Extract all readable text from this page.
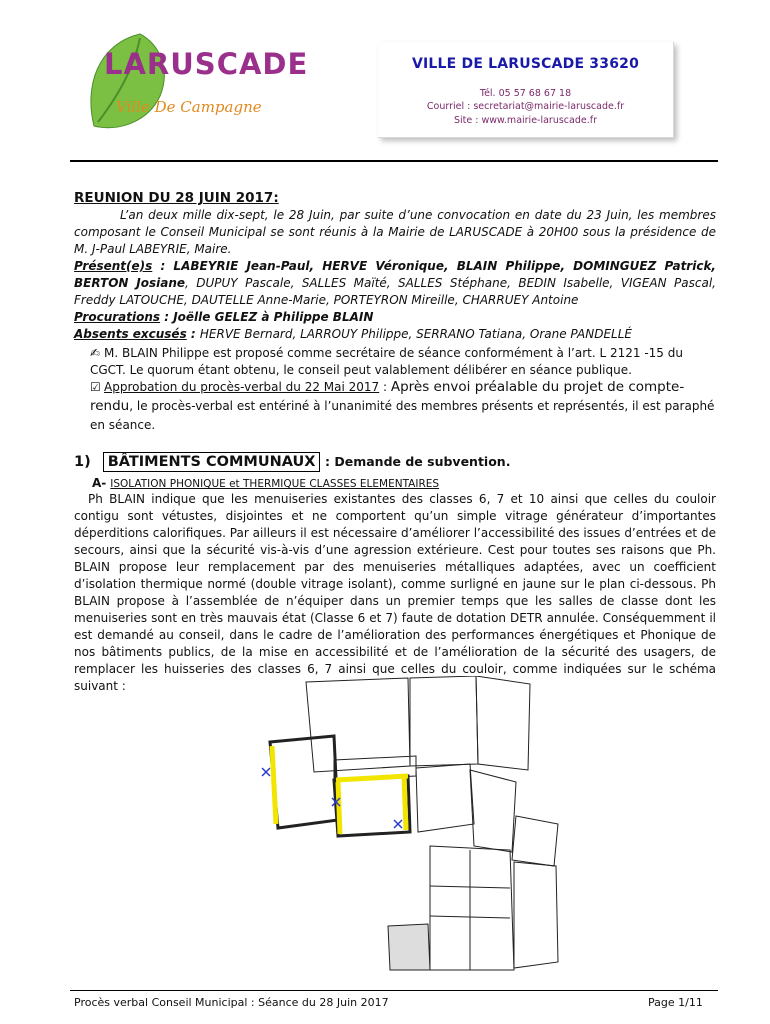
LARUSCADE
Ville De Campagne
VILLE DE LARUSCADE 33620
Tél. 05 57 68 67 18
Courriel : secretariat@mairie-laruscade.fr
Site : www.mairie-laruscade.fr
REUNION DU 28 JUIN 2017:
L’an deux mille dix-sept, le 28 Juin, par suite d’une convocation en date du 23 Juin, les membres composant le Conseil Municipal se sont réunis à la Mairie de LARUSCADE à 20H00 sous la présidence de M. J-Paul LABEYRIE, Maire.
Présent(e)s : LABEYRIE Jean-Paul, HERVE Véronique, BLAIN Philippe, DOMINGUEZ Patrick, BERTON Josiane, DUPUY Pascale, SALLES Maïté, SALLES Stéphane, BEDIN Isabelle, VIGEAN Pascal, Freddy LATOUCHE, DAUTELLE Anne-Marie, PORTEYRON Mireille, CHARRUEY Antoine
Procurations : Joëlle GELEZ à Philippe BLAIN
Absents excusés : HERVE Bernard, LARROUY Philippe, SERRANO Tatiana, Orane PANDELLÉ
✍ M. BLAIN Philippe est proposé comme secrétaire de séance conformément à l’art. L 2121 -15 du CGCT. Le quorum étant obtenu, le conseil peut valablement délibérer en séance publique.
☑ Approbation du procès-verbal du 22 Mai 2017 : Après envoi préalable du projet de compte-rendu, le procès-verbal est entériné à l’unanimité des membres présents et représentés, il est paraphé en séance.
1) BÂTIMENTS COMMUNAUX : Demande de subvention.
A- ISOLATION PHONIQUE et THERMIQUE CLASSES ELEMENTAIRES
Ph BLAIN indique que les menuiseries existantes des classes 6, 7 et 10 ainsi que celles du couloir contigu sont vétustes, disjointes et ne comportent qu’un simple vitrage générateur d’importantes déperditions calorifiques. Par ailleurs il est nécessaire d’améliorer l’accessibilité des issues d’entrées et de secours, ainsi que la sécurité vis-à-vis d’une agression extérieure. Cest pour toutes ses raisons que Ph. BLAIN propose leur remplacement par des menuiseries métalliques adaptées, avec un coefficient d’isolation thermique normé (double vitrage isolant), comme surligné en jaune sur le plan ci-dessous. Ph BLAIN propose à l’assemblée de n’équiper dans un premier temps que les salles de classe dont les menuiseries sont en très mauvais état (Classe 6 et 7) faute de dotation DETR annulée. Conséquemment il est demandé au conseil, dans le cadre de l’amélioration des performances énergétiques et Phonique de nos bâtiments publics, de la mise en accessibilité et de l’amélioration de la sécurité des usagers, de remplacer les huisseries des classes 6, 7 ainsi que celles du couloir, comme indiquées sur le schéma suivant :
Procès verbal Conseil Municipal : Séance du 28 Juin 2017	Page 1/11
